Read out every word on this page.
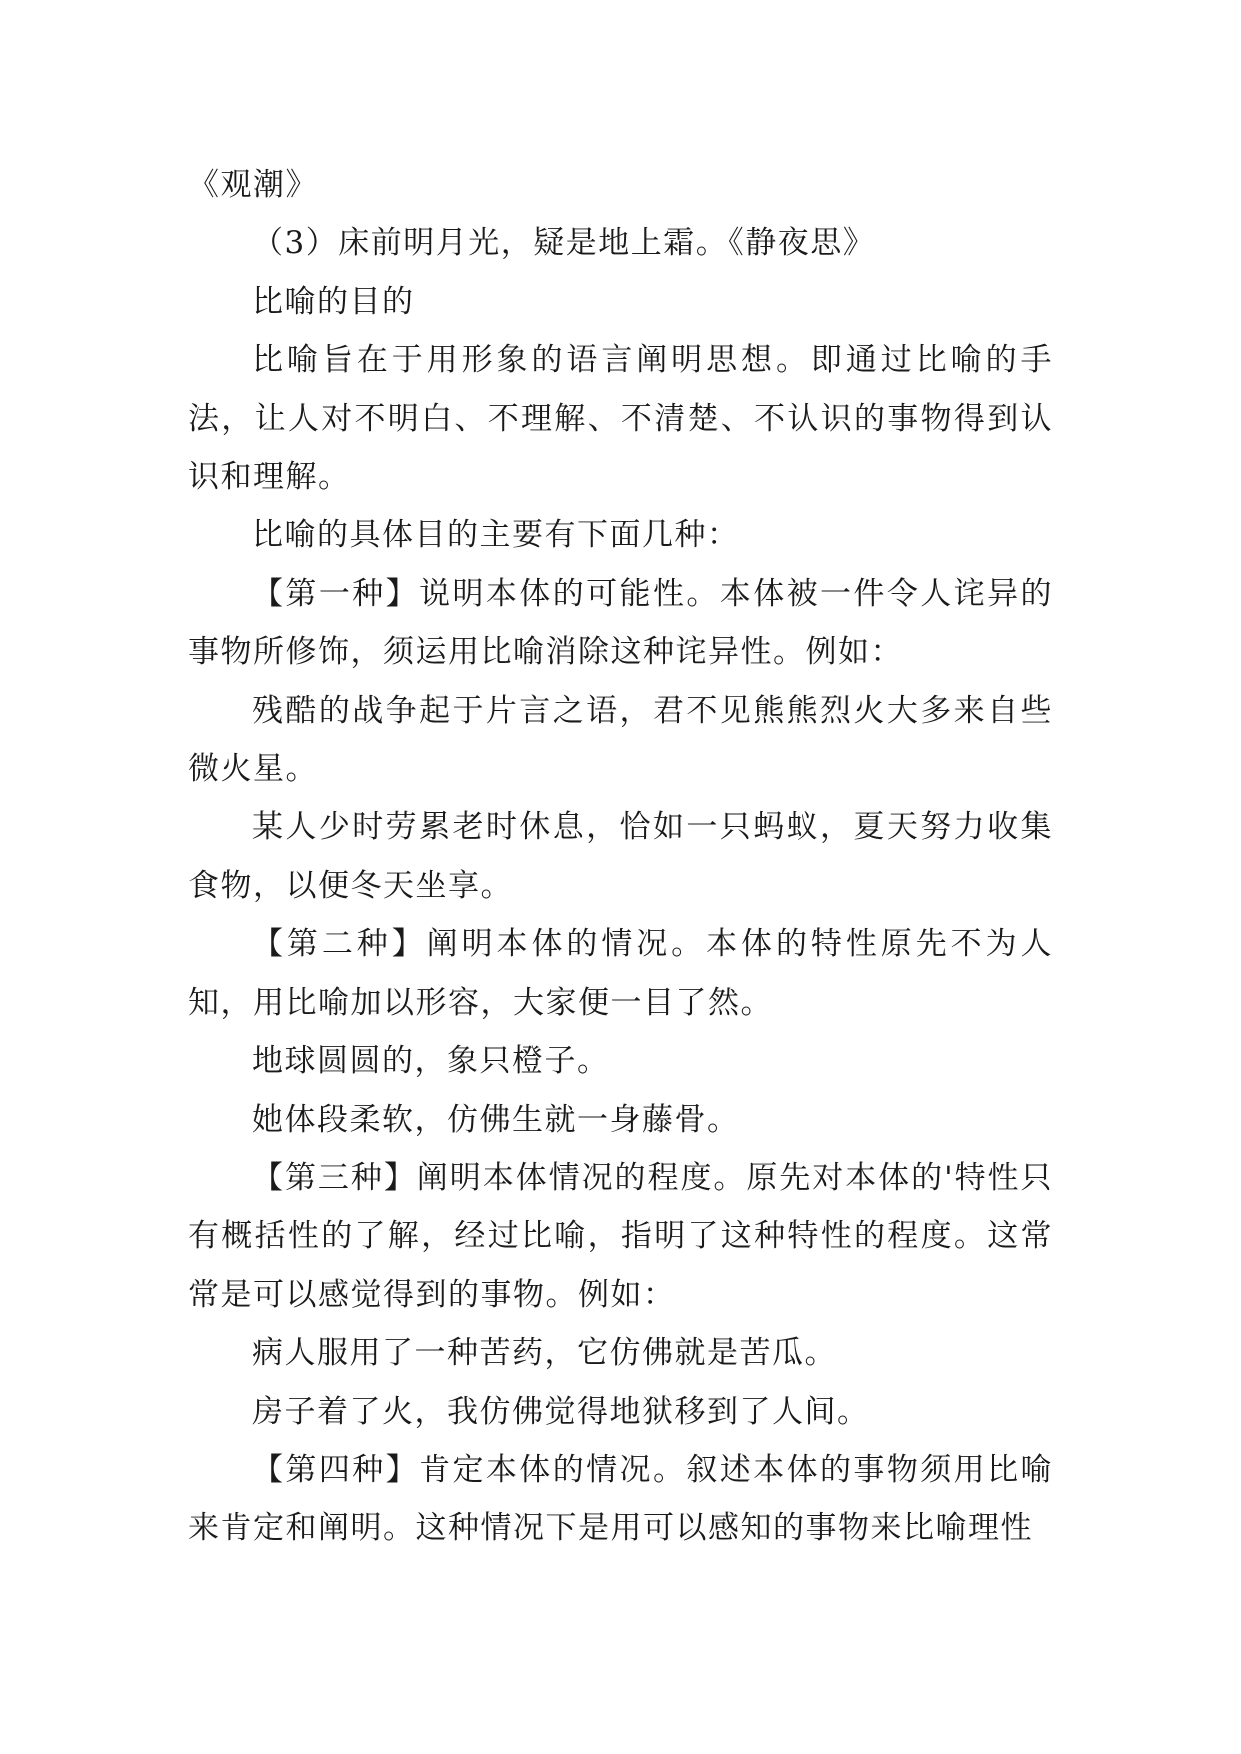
《观潮》

（3）床前明月光，疑是地上霜。《静夜思》

比喻的目的

比喻旨在于用形象的语言阐明思想。即通过比喻的手法，让人对不明白、不理解、不清楚、不认识的事物得到认识和理解。

比喻的具体目的主要有下面几种：

【第一种】说明本体的可能性。本体被一件令人诧异的事物所修饰，须运用比喻消除这种诧异性。例如：

残酷的战争起于片言之语，君不见熊熊烈火大多来自些微火星。

某人少时劳累老时休息，恰如一只蚂蚁，夏天努力收集食物，以便冬天坐享。

【第二种】阐明本体的情况。本体的特性原先不为人知，用比喻加以形容，大家便一目了然。

地球圆圆的，象只橙子。

她体段柔软，仿佛生就一身藤骨。

【第三种】阐明本体情况的程度。原先对本体的'特性只有概括性的了解，经过比喻，指明了这种特性的程度。这常常是可以感觉得到的事物。例如：

病人服用了一种苦药，它仿佛就是苦瓜。

房子着了火，我仿佛觉得地狱移到了人间。

【第四种】肯定本体的情况。叙述本体的事物须用比喻来肯定和阐明。这种情况下是用可以感知的事物来比喻理性
